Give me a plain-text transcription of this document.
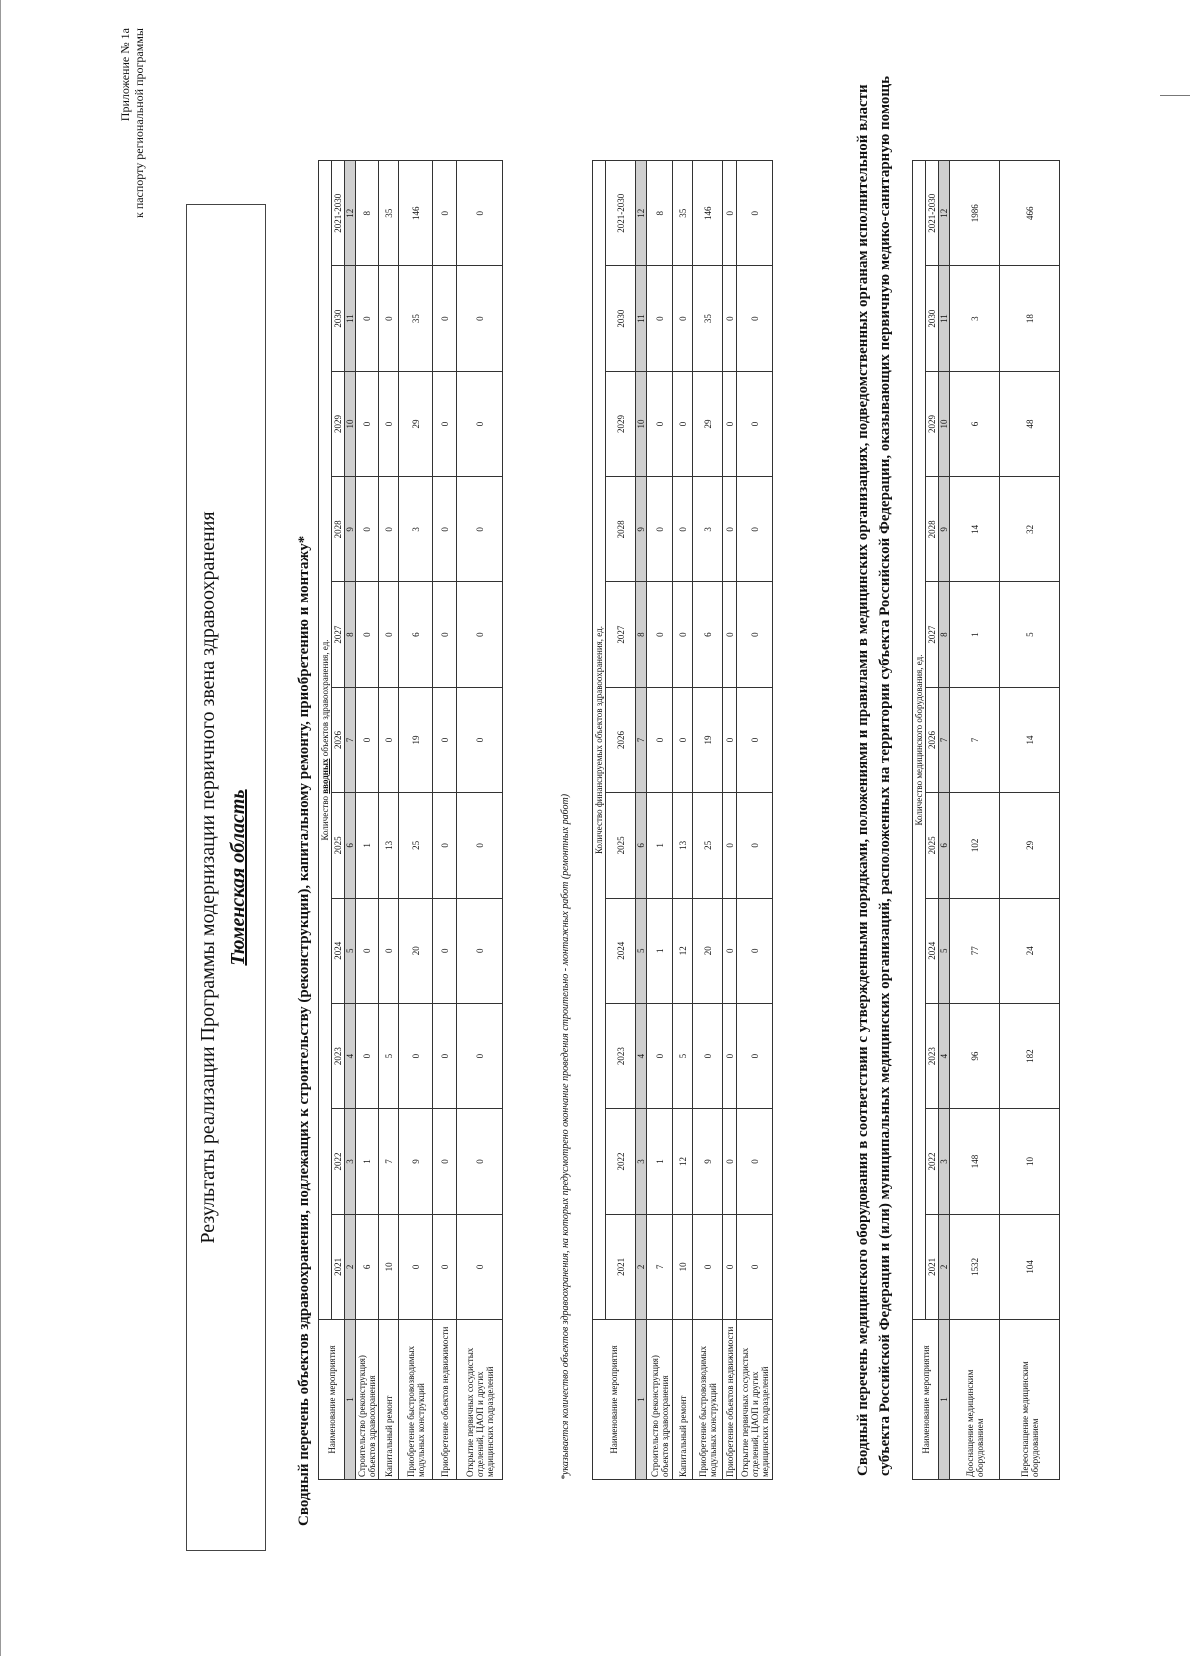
Приложение № 1а к паспорту региональной программы
Результаты реализации Программы модернизации первичного звена здравоохранения Тюменская область	Сводный перечень объектов здравоохранения, подлежащих к строительству (реконструкции), капитальному ремонту, приобретению и монтажу* Наименование мероприятия	Количество вводных объектов здравоохранения, ед.										
	2021	2022	2023	2024	2025	2026	2027	2028	2029	2030	2021-2030
1	2	3	4	5	6	7	8	9	10	11	12
Строительство (реконструкция) объектов здравоохранения	6	1	0	0	1	0	0	0	0	0	8
Капитальный ремонт	10	7	5	0	13	0	0	0	0	0	35
Приобретение быстровозводимых модульных конструкций	0	9	0	20	25	19	6	3	29	35	146
Приобретение объектов недвижимости	0	0	0	0	0	0	0	0	0	0	0
Открытие первичных сосудистых отделений, ЦАОП и других медицинских подразделений	0	0	0	0	0	0	0	0	0	0	0
*указывается количество объектов здравоохранения, на которых предусмотрено окончание проведения строительно - монтажных работ (ремонтных работ)	Наименование мероприятия	Количество финансируемых объектов здравоохранения, ед.										
	2021	2022	2023	2024	2025	2026	2027	2028	2029	2030	2021-2030
1	2	3	4	5	6	7	8	9	10	11	12
Строительство (реконструкция) объектов здравоохранения	7	1	0	1	1	0	0	0	0	0	8
Капитальный ремонт	10	12	5	12	13	0	0	0	0	0	35
Приобретение быстровозводимых модульных конструкций	0	9	0	20	25	19	6	3	29	35	146
Приобретение объектов недвижимости	0	0	0	0	0	0	0	0	0	0	0
Открытие первичных сосудистых отделений, ЦАОП и других медицинских подразделений	0	0	0	0	0	0	0	0	0	0	0	Сводный перечень медицинского оборудования в соответствии с утвержденными порядками, положениями и правилами в медицинских организациях, подведомственных органам исполнительной власти субъекта Российской Федерации и (или) муниципальных медицинских организаций, расположенных на территории субъекта Российской Федерации, оказывающих первичную медико-санитарную помощь	Наименование мероприятия	Количество медицинского оборудования, ед.										
	2021	2022	2023	2024	2025	2026	2027	2028	2029	2030	2021-2030
1	2	3	4	5	6	7	8	9	10	11	12
Дооснащение медицинским оборудованием	1532	148	96	77	102	7	1	14	6	3	1986
Переоснащение медицинским оборудованием	104	10	182	24	29	14	5	32	48	18	466
